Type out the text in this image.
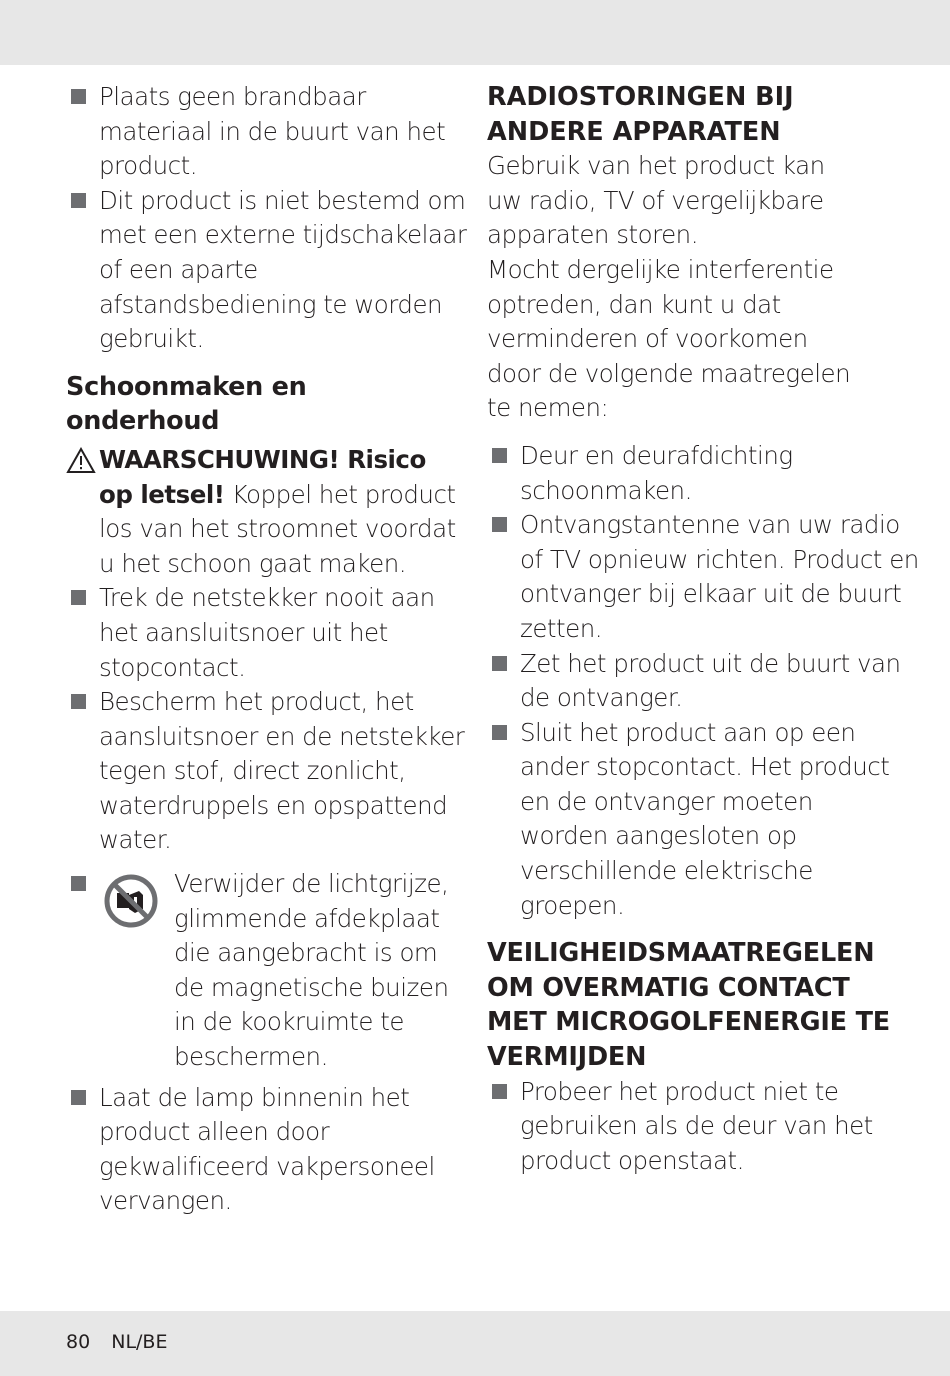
Plaats geen brandbaar materiaal in de buurt van het product.
Dit product is niet bestemd om met een externe tijdschakelaar of een aparte afstandsbediening te worden gebruikt.
Schoonmaken en onderhoud
WAARSCHUWING! Risico op letsel! Koppel het product los van het stroomnet voordat u het schoon gaat maken.
Trek de netstekker nooit aan het aansluitsnoer uit het stopcontact.
Bescherm het product, het aansluitsnoer en de netstekker tegen stof, direct zonlicht, waterdruppels en opspattend water.
Verwijder de lichtgrijze, glimmende afdekplaat die aangebracht is om de magnetische buizen in de kookruimte te beschermen.
Laat de lamp binnenin het product alleen door gekwalificeerd vakpersoneel vervangen.
RADIOSTORINGEN BIJ ANDERE APPARATEN
Gebruik van het product kan uw radio, TV of vergelijkbare apparaten storen.
Mocht dergelijke interferentie optreden, dan kunt u dat verminderen of voorkomen door de volgende maatregelen te nemen:
Deur en deurafdichting schoonmaken.
Ontvangstantenne van uw radio of TV opnieuw richten. Product en ontvanger bij elkaar uit de buurt zetten.
Zet het product uit de buurt van de ontvanger.
Sluit het product aan op een ander stopcontact. Het product en de ontvanger moeten worden aangesloten op verschillende elektrische groepen.
VEILIGHEIDSMAATREGELEN OM OVERMATIG CONTACT MET MICROGOLFENERGIE TE VERMIJDEN
Probeer het product niet te gebruiken als de deur van het product openstaat.
80 NL/BE
